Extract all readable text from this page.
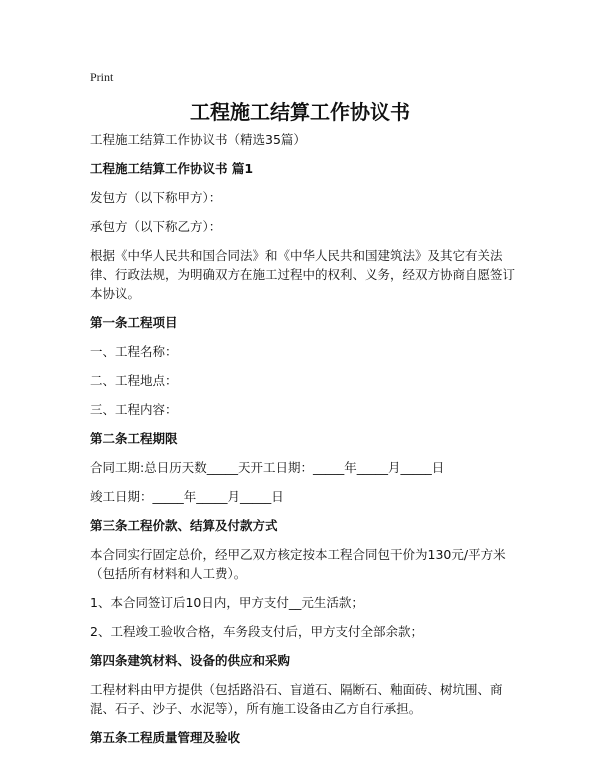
Print
工程施工结算工作协议书

工程施工结算工作协议书（精选35篇）

工程施工结算工作协议书 篇1

发包方（以下称甲方）：

承包方（以下称乙方）：

根据《中华人民共和国合同法》和《中华人民共和国建筑法》及其它有关法律、行政法规，为明确双方在施工过程中的权利、义务，经双方协商自愿签订本协议。

第一条工程项目

一、工程名称：

二、工程地点：

三、工程内容：

第二条工程期限

合同工期:总日历天数_____天开工日期：_____年_____月_____日

竣工日期：_____年_____月_____日

第三条工程价款、结算及付款方式

本合同实行固定总价，经甲乙双方核定按本工程合同包干价为130元/平方米（包括所有材料和人工费）。

1、本合同签订后10日内，甲方支付__元生活款；

2、工程竣工验收合格，车务段支付后，甲方支付全部余款；

第四条建筑材料、设备的供应和采购

工程材料由甲方提供（包括路沿石、盲道石、隔断石、釉面砖、树坑围、商混、石子、沙子、水泥等），所有施工设备由乙方自行承担。

第五条工程质量管理及验收
